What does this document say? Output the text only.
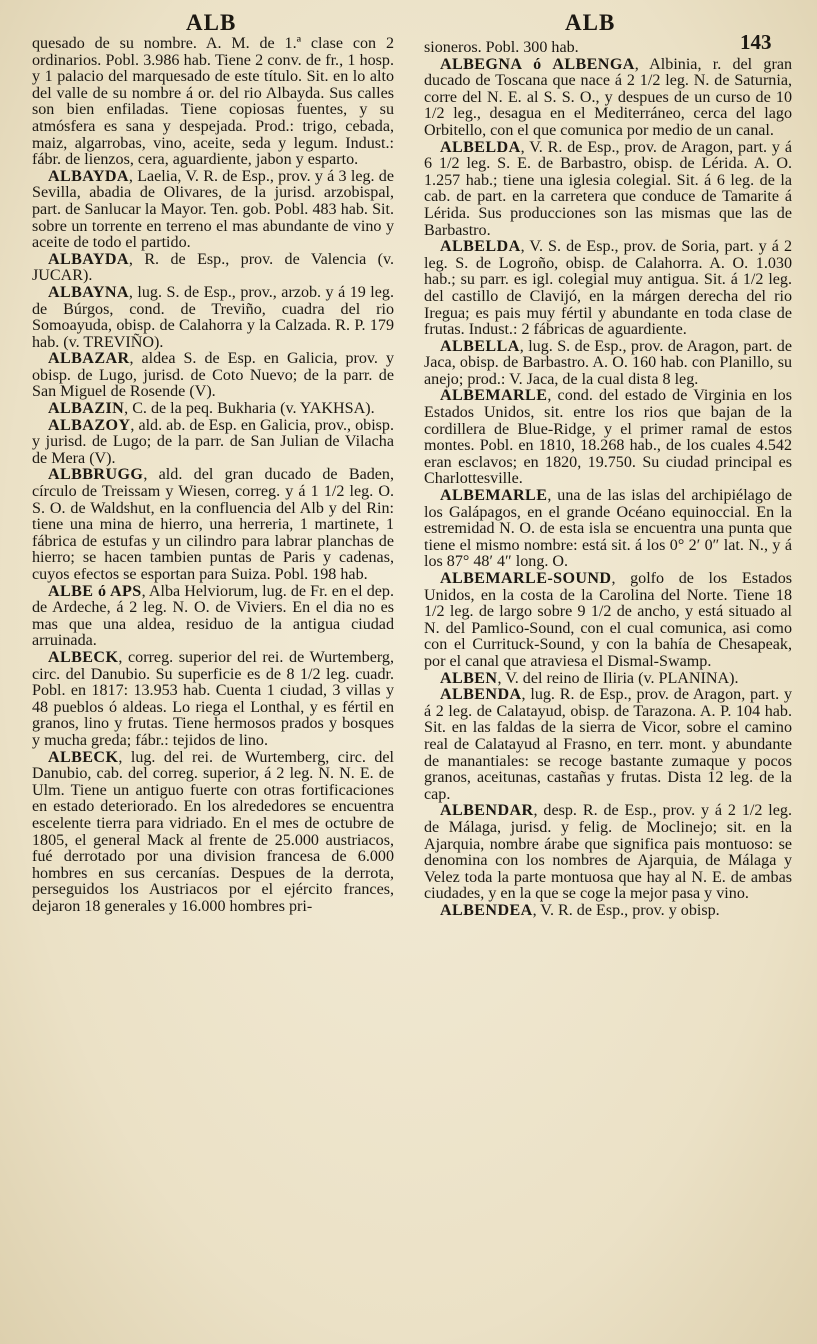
ALB	ALB
143

quesado de su nombre. A. M. de 1.ª clase con 2 ordinarios. Pobl. 3.986 hab. Tiene 2 conv. de fr., 1 hosp. y 1 palacio del marquesado de este título. Sit. en lo alto del valle de su nombre á or. del rio Albayda. Sus calles son bien enfiladas. Tiene copiosas fuentes, y su atmósfera es sana y despejada. Prod.: trigo, cebada, maiz, algarrobas, vino, aceite, seda y legum. Indust.: fábr. de lienzos, cera, aguardiente, jabon y esparto.

ALBAYDA, Laelia, V. R. de Esp., prov. y á 3 leg. de Sevilla, abadia de Olivares, de la jurisd. arzobispal, part. de Sanlucar la Mayor. Ten. gob. Pobl. 483 hab. Sit. sobre un torrente en terreno el mas abundante de vino y aceite de todo el partido.

ALBAYDA, R. de Esp., prov. de Valencia (v. JUCAR).

ALBAYNA, lug. S. de Esp., prov., arzob. y á 19 leg. de Búrgos, cond. de Treviño, cuadra del rio Somoayuda, obisp. de Calahorra y la Calzada. R. P. 179 hab. (v. TREVIÑO).

ALBAZAR, aldea S. de Esp. en Galicia, prov. y obisp. de Lugo, jurisd. de Coto Nuevo; de la parr. de San Miguel de Rosende (V).

ALBAZIN, C. de la peq. Bukharia (v. YAKHSA).

ALBAZOY, ald. ab. de Esp. en Galicia, prov., obisp. y jurisd. de Lugo; de la parr. de San Julian de Vilacha de Mera (V).

ALBBRUGG, ald. del gran ducado de Baden, círculo de Treissam y Wiesen, correg. y á 1 1/2 leg. O. S. O. de Waldshut, en la confluencia del Alb y del Rin: tiene una mina de hierro, una herreria, 1 martinete, 1 fábrica de estufas y un cilindro para labrar planchas de hierro; se hacen tambien puntas de Paris y cadenas, cuyos efectos se esportan para Suiza. Pobl. 198 hab.

ALBE ó APS, Alba Helviorum, lug. de Fr. en el dep. de Ardeche, á 2 leg. N. O. de Viviers. En el dia no es mas que una aldea, residuo de la antigua ciudad arruinada.

ALBECK, correg. superior del rei. de Wurtemberg, circ. del Danubio. Su superficie es de 8 1/2 leg. cuadr. Pobl. en 1817: 13.953 hab. Cuenta 1 ciudad, 3 villas y 48 pueblos ó aldeas. Lo riega el Lonthal, y es fértil en granos, lino y frutas. Tiene hermosos prados y bosques y mucha greda; fábr.: tejidos de lino.

ALBECK, lug. del rei. de Wurtemberg, circ. del Danubio, cab. del correg. superior, á 2 leg. N. N. E. de Ulm. Tiene un antiguo fuerte con otras fortificaciones en estado deteriorado. En los alrededores se encuentra escelente tierra para vidriado. En el mes de octubre de 1805, el general Mack al frente de 25.000 austriacos, fué derrotado por una division francesa de 6.000 hombres en sus cercanías. Despues de la derrota, perseguidos los Austriacos por el ejército frances, dejaron 18 generales y 16.000 hombres pri-

sioneros. Pobl. 300 hab.

ALBEGNA ó ALBENGA, Albinia, r. del gran ducado de Toscana que nace á 2 1/2 leg. N. de Saturnia, corre del N. E. al S. S. O., y despues de un curso de 10 1/2 leg., desagua en el Mediterráneo, cerca del lago Orbitello, con el que comunica por medio de un canal.

ALBELDA, V. R. de Esp., prov. de Aragon, part. y á 6 1/2 leg. S. E. de Barbastro, obisp. de Lérida. A. O. 1.257 hab.; tiene una iglesia colegial. Sit. á 6 leg. de la cab. de part. en la carretera que conduce de Tamarite á Lérida. Sus producciones son las mismas que las de Barbastro.

ALBELDA, V. S. de Esp., prov. de Soria, part. y á 2 leg. S. de Logroño, obisp. de Calahorra. A. O. 1.030 hab.; su parr. es igl. colegial muy antigua. Sit. á 1/2 leg. del castillo de Clavijó, en la márgen derecha del rio Iregua; es pais muy fértil y abundante en toda clase de frutas. Indust.: 2 fábricas de aguardiente.

ALBELLA, lug. S. de Esp., prov. de Aragon, part. de Jaca, obisp. de Barbastro. A. O. 160 hab. con Planillo, su anejo; prod.: V. Jaca, de la cual dista 8 leg.

ALBEMARLE, cond. del estado de Virginia en los Estados Unidos, sit. entre los rios que bajan de la cordillera de Blue-Ridge, y el primer ramal de estos montes. Pobl. en 1810, 18.268 hab., de los cuales 4.542 eran esclavos; en 1820, 19.750. Su ciudad principal es Charlottesville.

ALBEMARLE, una de las islas del archipiélago de los Galápagos, en el grande Océano equinoccial. En la estremidad N. O. de esta isla se encuentra una punta que tiene el mismo nombre: está sit. á los 0° 2′ 0″ lat. N., y á los 87° 48′ 4″ long. O.

ALBEMARLE-SOUND, golfo de los Estados Unidos, en la costa de la Carolina del Norte. Tiene 18 1/2 leg. de largo sobre 9 1/2 de ancho, y está situado al N. del Pamlico-Sound, con el cual comunica, asi como con el Currituck-Sound, y con la bahía de Chesapeak, por el canal que atraviesa el Dismal-Swamp.

ALBEN, V. del reino de Iliria (v. PLANINA).

ALBENDA, lug. R. de Esp., prov. de Aragon, part. y á 2 leg. de Calatayud, obisp. de Tarazona. A. P. 104 hab. Sit. en las faldas de la sierra de Vicor, sobre el camino real de Calatayud al Frasno, en terr. mont. y abundante de manantiales: se recoge bastante zumaque y pocos granos, aceitunas, castañas y frutas. Dista 12 leg. de la cap.

ALBENDAR, desp. R. de Esp., prov. y á 2 1/2 leg. de Málaga, jurisd. y felig. de Moclinejo; sit. en la Ajarquia, nombre árabe que significa pais montuoso: se denomina con los nombres de Ajarquia, de Málaga y Velez toda la parte montuosa que hay al N. E. de ambas ciudades, y en la que se coge la mejor pasa y vino.

ALBENDEA, V. R. de Esp., prov. y obisp.
